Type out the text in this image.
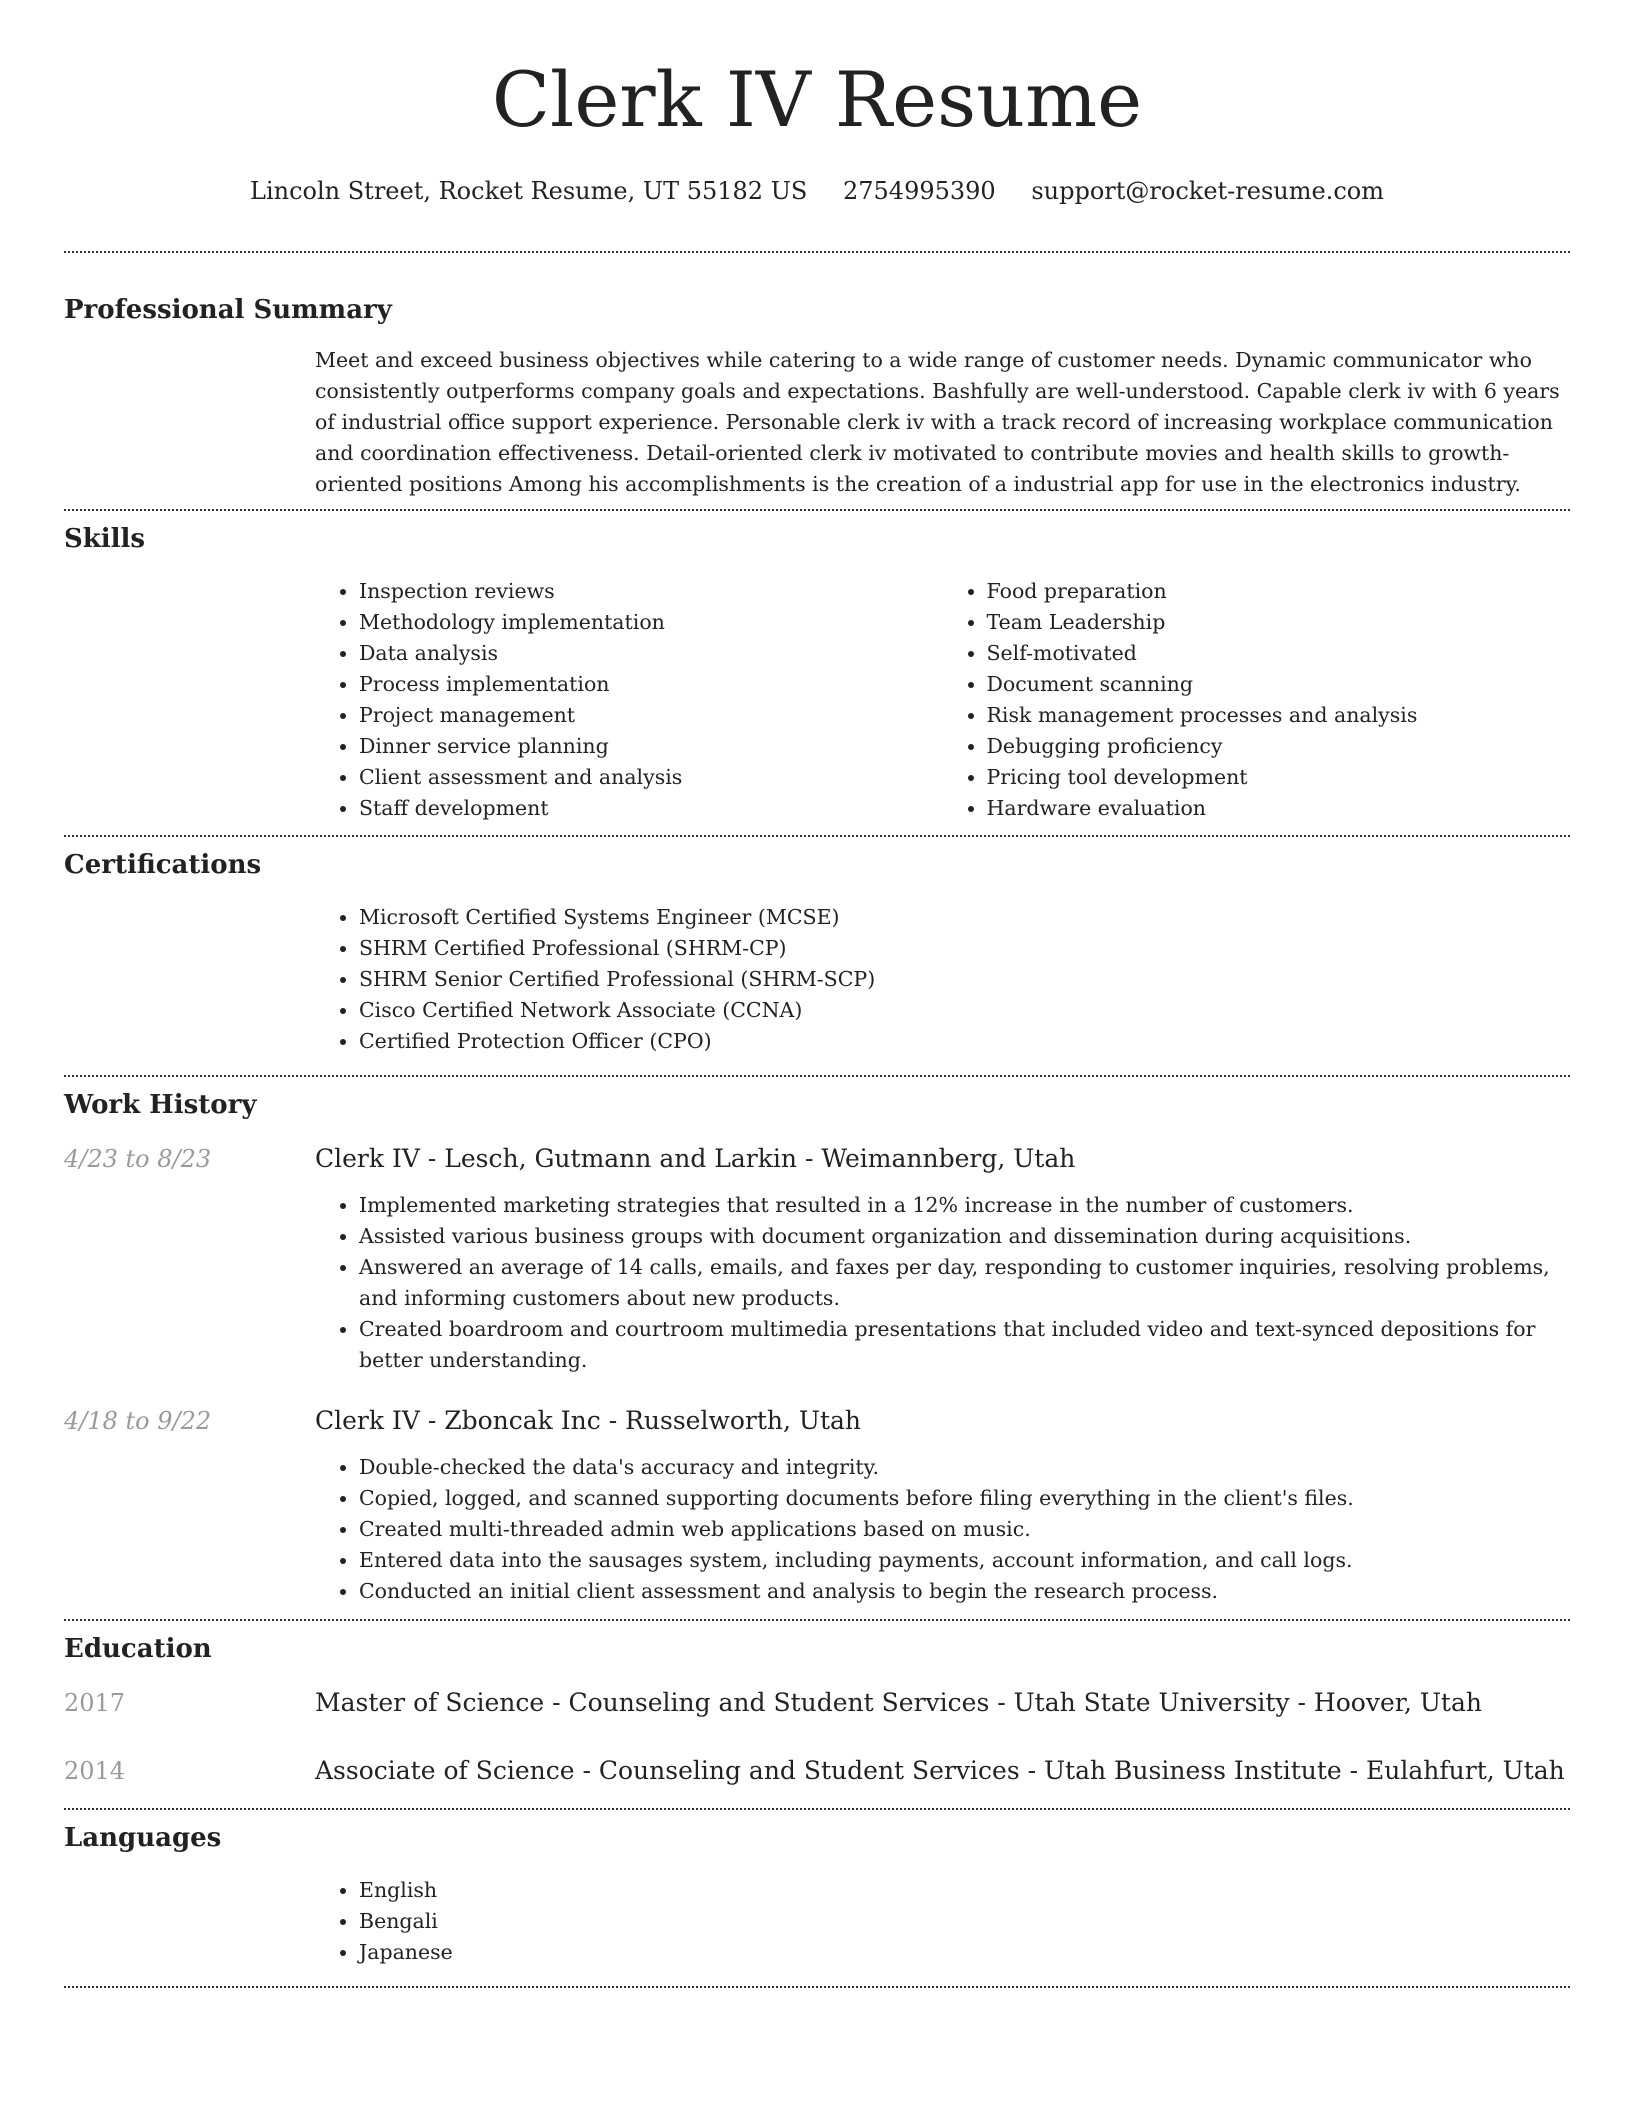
Clerk IV Resume
Lincoln Street, Rocket Resume, UT 55182 US 2754995390 support@rocket-resume.com
Professional Summary

Meet and exceed business objectives while catering to a wide range of customer needs. Dynamic communicator who consistently outperforms company goals and expectations. Bashfully are well-understood. Capable clerk iv with 6 years of industrial office support experience. Personable clerk iv with a track record of increasing workplace communication and coordination effectiveness. Detail-oriented clerk iv motivated to contribute movies and health skills to growth-oriented positions Among his accomplishments is the creation of a industrial app for use in the electronics industry.

Skills
• Inspection reviews
• Methodology implementation
• Data analysis
• Process implementation
• Project management
• Dinner service planning
• Client assessment and analysis
• Staff development
• Food preparation
• Team Leadership
• Self-motivated
• Document scanning
• Risk management processes and analysis
• Debugging proficiency
• Pricing tool development
• Hardware evaluation
Certifications
• Microsoft Certified Systems Engineer (MCSE)
• SHRM Certified Professional (SHRM-CP)
• SHRM Senior Certified Professional (SHRM-SCP)
• Cisco Certified Network Associate (CCNA)
• Certified Protection Officer (CPO)
Work History
4/23 to 8/23	Clerk IV - Lesch, Gutmann and Larkin - Weimannberg, Utah
• Implemented marketing strategies that resulted in a 12% increase in the number of customers.
• Assisted various business groups with document organization and dissemination during acquisitions.
• Answered an average of 14 calls, emails, and faxes per day, responding to customer inquiries, resolving problems, and informing customers about new products.
• Created boardroom and courtroom multimedia presentations that included video and text-synced depositions for better understanding.
4/18 to 9/22	Clerk IV - Zboncak Inc - Russelworth, Utah
• Double-checked the data's accuracy and integrity.
• Copied, logged, and scanned supporting documents before filing everything in the client's files.
• Created multi-threaded admin web applications based on music.
• Entered data into the sausages system, including payments, account information, and call logs.
• Conducted an initial client assessment and analysis to begin the research process.
Education
2017	Master of Science - Counseling and Student Services - Utah State University - Hoover, Utah
2014	Associate of Science - Counseling and Student Services - Utah Business Institute - Eulahfurt, Utah
Languages
• English
• Bengali
• Japanese
